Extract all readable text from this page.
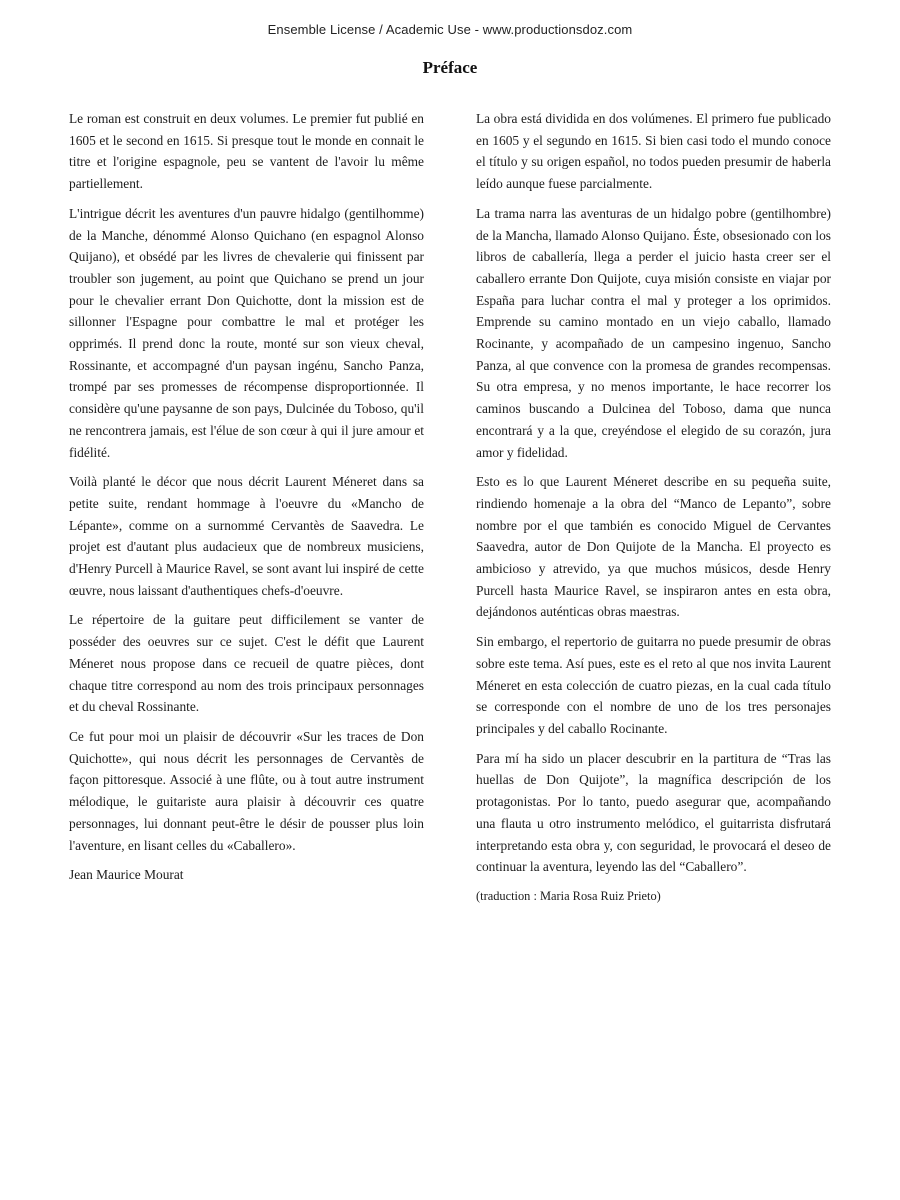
Ensemble License / Academic Use - www.productionsdoz.com
Préface

Le roman est construit en deux volumes. Le premier fut publié en 1605 et le second en 1615. Si presque tout le monde en connait le titre et l'origine espagnole, peu se vantent de l'avoir lu même partiellement.

L'intrigue décrit les aventures d'un pauvre hidalgo (gentilhomme) de la Manche, dénommé Alonso Quichano (en espagnol Alonso Quijano), et obsédé par les livres de chevalerie qui finissent par troubler son jugement, au point que Quichano se prend un jour pour le chevalier errant Don Quichotte, dont la mission est de sillonner l'Espagne pour combattre le mal et protéger les opprimés. Il prend donc la route, monté sur son vieux cheval, Rossinante, et accompagné d'un paysan ingénu, Sancho Panza, trompé par ses promesses de récompense disproportionnée. Il considère qu'une paysanne de son pays, Dulcinée du Toboso, qu'il ne rencontrera jamais, est l'élue de son cœur à qui il jure amour et fidélité.

Voilà planté le décor que nous décrit Laurent Méneret dans sa petite suite, rendant hommage à l'oeuvre du «Mancho de Lépante», comme on a surnommé Cervantès de Saavedra. Le projet est d'autant plus audacieux que de nombreux musiciens, d'Henry Purcell à Maurice Ravel, se sont avant lui inspiré de cette œuvre, nous laissant d'authentiques chefs-d'oeuvre.

Le répertoire de la guitare peut difficilement se vanter de posséder des oeuvres sur ce sujet. C'est le défit que Laurent Méneret nous propose dans ce recueil de quatre pièces, dont chaque titre correspond au nom des trois principaux personnages et du cheval Rossinante.

Ce fut pour moi un plaisir de découvrir «Sur les traces de Don Quichotte», qui nous décrit les personnages de Cervantès de façon pittoresque. Associé à une flûte, ou à tout autre instrument mélodique, le guitariste aura plaisir à découvrir ces quatre personnages, lui donnant peut-être le désir de pousser plus loin l'aventure, en lisant celles du «Caballero».

Jean Maurice Mourat

La obra está dividida en dos volúmenes. El primero fue publicado en 1605 y el segundo en 1615. Si bien casi todo el mundo conoce el título y su origen español, no todos pueden presumir de haberla leído aunque fuese parcialmente.

La trama narra las aventuras de un hidalgo pobre (gentilhombre) de la Mancha, llamado Alonso Quijano. Éste, obsesionado con los libros de caballería, llega a perder el juicio hasta creer ser el caballero errante Don Quijote, cuya misión consiste en viajar por España para luchar contra el mal y proteger a los oprimidos. Emprende su camino montado en un viejo caballo, llamado Rocinante, y acompañado de un campesino ingenuo, Sancho Panza, al que convence con la promesa de grandes recompensas. Su otra empresa, y no menos importante, le hace recorrer los caminos buscando a Dulcinea del Toboso, dama que nunca encontrará y a la que, creyéndose el elegido de su corazón, jura amor y fidelidad.

Esto es lo que Laurent Méneret describe en su pequeña suite, rindiendo homenaje a la obra del “Manco de Lepanto”, sobre nombre por el que también es conocido Miguel de Cervantes Saavedra, autor de Don Quijote de la Mancha. El proyecto es ambicioso y atrevido, ya que muchos músicos, desde Henry Purcell hasta Maurice Ravel, se inspiraron antes en esta obra, dejándonos auténticas obras maestras.

Sin embargo, el repertorio de guitarra no puede presumir de obras sobre este tema. Así pues, este es el reto al que nos invita Laurent Méneret en esta colección de cuatro piezas, en la cual cada título se corresponde con el nombre de uno de los tres personajes principales y del caballo Rocinante.

Para mí ha sido un placer descubrir en la partitura de “Tras las huellas de Don Quijote”, la magnífica descripción de los protagonistas. Por lo tanto, puedo asegurar que, acompañando una flauta u otro instrumento melódico, el guitarrista disfrutará interpretando esta obra y, con seguridad, le provocará el deseo de continuar la aventura, leyendo las del “Caballero”.

(traduction : Maria Rosa Ruiz Prieto)
